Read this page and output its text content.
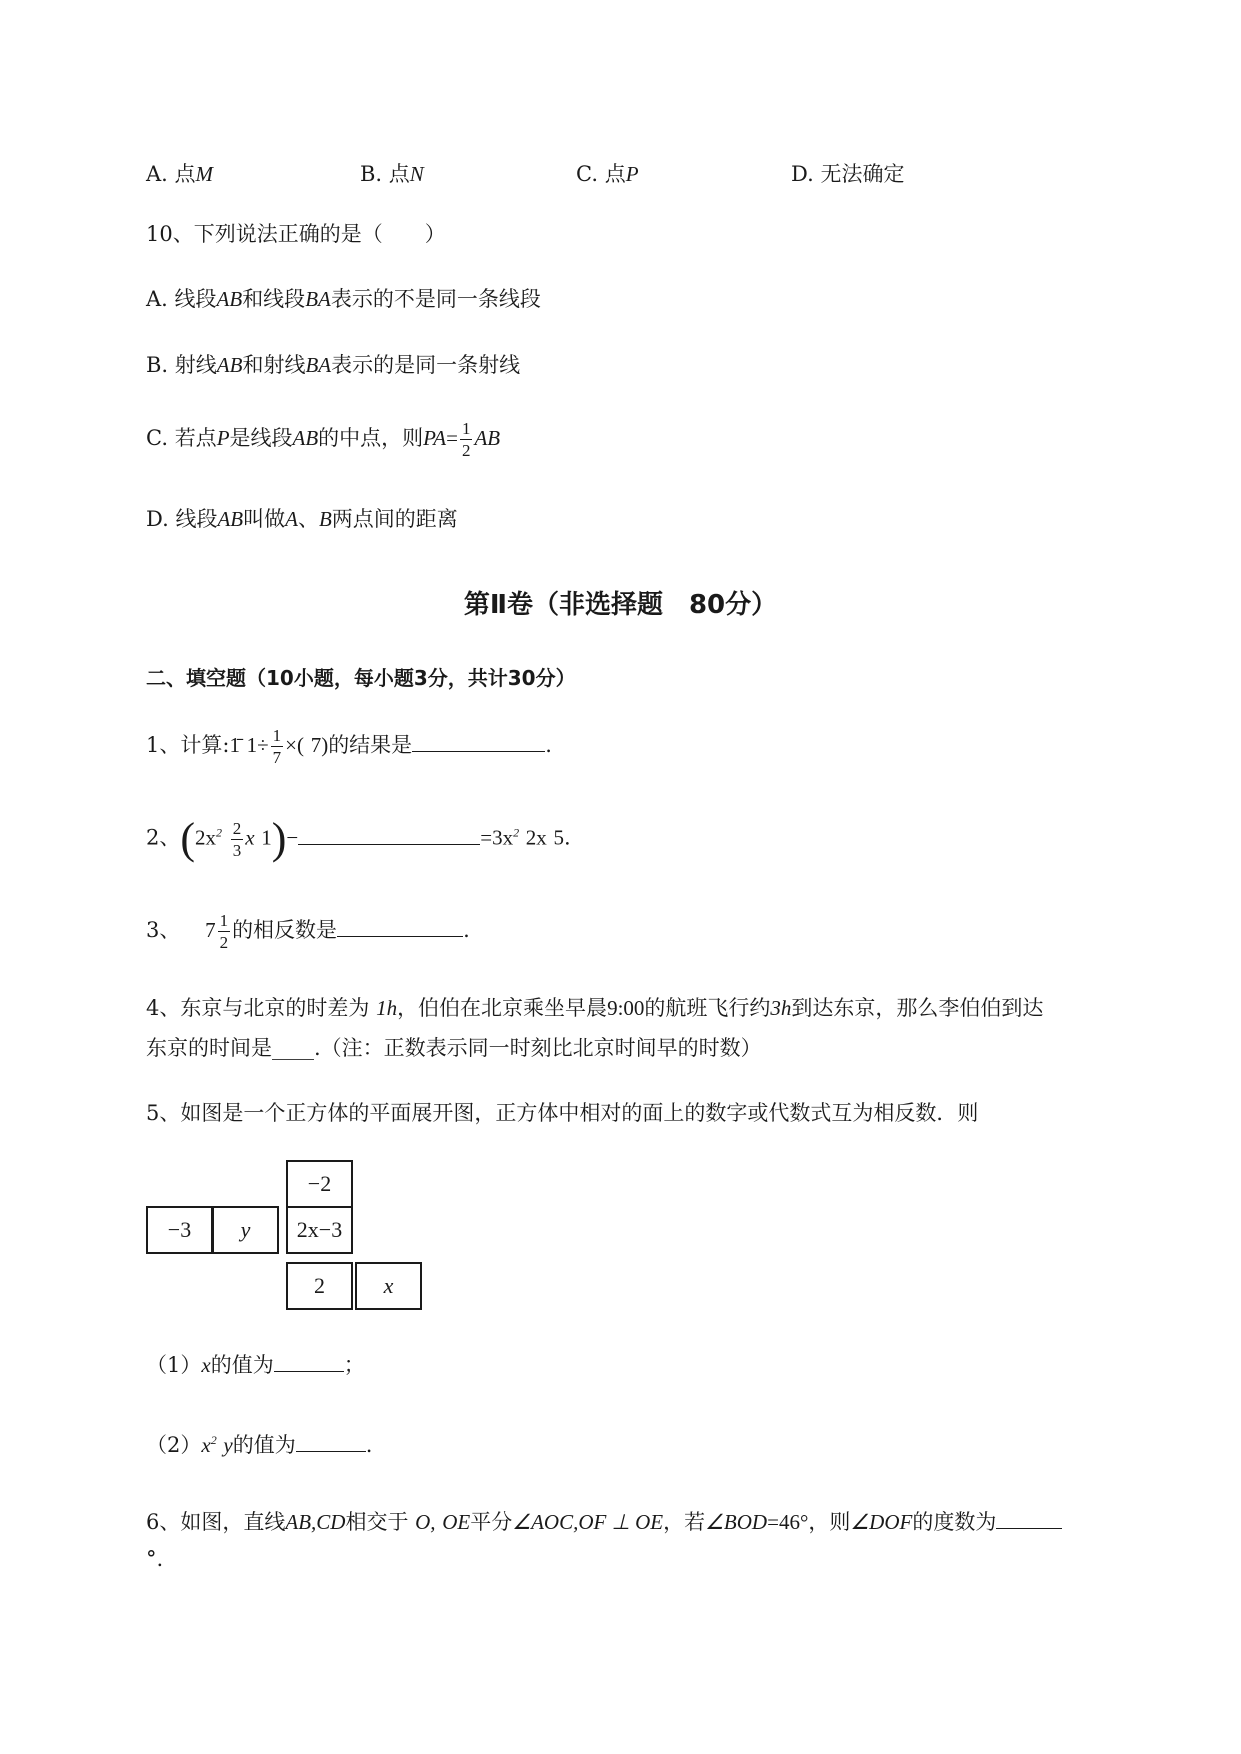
A. 点M	B. 点N	C. 点P	D. 无法确定
10、下列说法正确的是（　　）
A. 线段AB和线段BA表示的不是同一条线段
B. 射线AB和射线BA表示的是同一条射线
C. 若点P是线段AB的中点，则$PA= \frac{1}{2}$ AB
D. 线段AB叫做A、B两点间的距离
第Ⅱ卷（非选择题　80分）
二、填空题（10小题，每小题3分，共计30分）
1、计算:1̄ $1\div \frac{1}{7}$ ×( 7)的结果是	.
2、($2x^2 \frac{2}{3}$ x 1)−	$=3x^2$ 2x 5.
3、 $7 \frac{1}{2}$ 的相反数是	.
4、东京与北京的时差为 1h，伯伯在北京乘坐早晨9:00的航班飞行约3h到达东京，那么李伯伯到达
东京的时间是____.（注：正数表示同一时刻比北京时间早的时数）
5、如图是一个正方体的平面展开图，正方体中相对的面上的数字或代数式互为相反数．则
−2
−3	y	2x−3
2	x
（1）x的值为	；
$(2)x^2$ y的值为	.
6、如图，直线AB,CD相交于 O, OE平分∠AOC,OF ⊥ OE，若∠BOD=46°，则∠DOF的度数为
°.
